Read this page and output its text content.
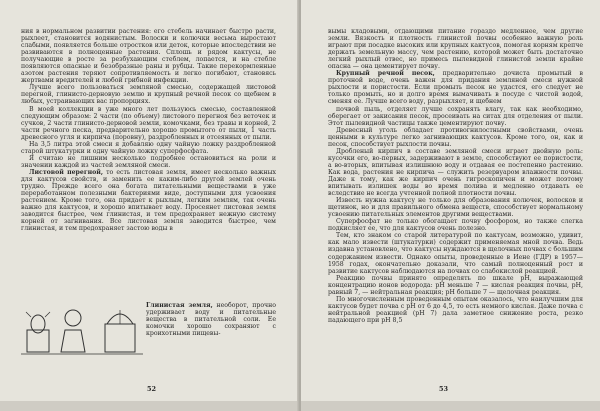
ния в нормальном развитии растения: его стебель начинает быстро расти, рыхлеет, становится водянистым. Волоски и колючки весьма выростают слабыми, появляется больше отростков или деток, которые впоследствии не развиваются в полноценные растения. Сплошь и рядом кактусы, не получающие в росте за резбухающим стеблем, лопается, и на стебле появляются опасные и безобразные раны и рубцы. Такие перекормленные азотом растения теряют сопротивляемость и легко погибают, становясь жертвами вредителей и любой грибной инфекции.

Лучше всего пользоваться земляной смесью, содержащей листовой перегной, глинисто-дерновую землю и крупный речной песок со щебнем в любых, устраивающих вас пропорциях.

В моей коллекции в уже много лет пользуюсь смесью, составленной следующим образом: 2 части (по объему) листового перегноя без веточек и сучков, 2 части глинисто-дерновой земли, комочками, без травы и корней, 2 части речного песка, предварительно хорошо промытого от пыли, 1 часть древесного угля и кирпича (поровну), раздробленных и отсеянных от пыли.

На 3,5 литра этой смеси я добавляю одну чайную ложку раздробленной старой штукатурки и одну чайную ложку суперфосфата.

Я считаю не лишним несколько подробнее остановиться на роли и значении каждой из частей земляной смеси.

Листовой перегной, то есть листовая земля, имеет несколько важных для кактусов свойств, и заменить ее каким-либо другой землей очень трудно. Прежде всего она богата питательными веществами в уже переработанном полезными бактериями виде, доступными для усвоения растением. Кроме того, она придает к рыхлым, легким землям, так очень важно для кактусов, и хорошо впитывает воду. Просеянет листовая земля заводится быстрее, чем глинистая, и тем предохраняет нежную систему корней от загнивания. Все листовая земля заводится быстрее, чем глинистая, и тем предохраняет застою воды в

Глинистая земля, необорот, прочно удерживает воду и питательные вещества в питательной соли. Ее комочки хорошо сохраняют с кроихотными пищевы-

52

вымы кладовыми, отдающими питание гораздо медленнее, чем другие земли. Вязкость и плотность глинистой почвы особенно важную роль играют при посадке высоких или крупных кактусов, помогая корням крепче держать земельную массу, чем растению, которой может быть достаточно легкий рыхлый отвес, но примесь пылевидной глинистой земли крайне опасна — она цементирует почву.

Крупный речной песок, предварительно дочиста промытый в проточной воде, очень важен для придания земляной смеси нужной рыхлости и пористости. Если промыть песок не удастся, его следует не только промыть, но и долго время вымачивать в посуде с чистой водой, сменяя ее. Лучше всего воду, разрыхляет, и щебнем

почвой пыль, отделяет лучше сохранять влагу, так как необходимо, оберегает от закисания песок, просеивать на ситах для отделения от пыли. Этот пылевидной частицы также цементируют почву.

Древесный уголь обладает противогнилостными свойствами, очень ценными в культуре легко загнивающих кактусов. Кроме того, он, как и песок, способствует рыхлости почвы.

Дробленый кирпич в составе земляной смеси играет двойную роль: кусочки его, во-первых, задерживают в земле, способствуют ее пористости, а во-вторых, впитывая излишнюю воду и отдавая ее постепенно растению. Как вода, растения не кирпича — служить резервуаром влажности почвы. Даже к тому, как же кирпич очень гигроскопичен и может поэтому впитывать излишек воды во время полива и медленно отдавать ее вследствие не всегда учтенной полной плотности почвы.

Известь нужна кактусу не только для образования колючек, волосков и щетинок, но и для правильного обмена веществ, способствует нормальному усвоению питательных элементов другими веществами.

Суперфосфат не только обогащает почву фосфором, но также слегка подкисляет ее, что для кактусов очень полезно.

Тем, кто знаком со старой литературой по кактусам, возможно, удивит, как мало извести (штукатурки) содержит применяемая мной почва. Ведь издавна установлено, что кактусы нуждаются в щелочных почвах с большим содержанием извести. Однако опыты, проведенные в Иене (ГДР) в 1957—1958 годах, окончательно доказали, что самый полноценный рост и развитие кактусов наблюдаются на почвах со слабокислой реакцией.

Реакцию почвы принято определять по шкале рН, выражающей концентрацию ионов водорода: рН меньше 7 — кислая реакция почвы, рН, равный 7, — нейтральная реакция; рН больше 7 — щелочная реакция.

По многочисленным проведенным опытам оказалось, что наилучшим для кактусов будет почва с рН от 6 до 4,5, то есть немного кислая. Даже почва с нейтральной реакцией (рН 7) дала заметное снижение роста, резко падающего при рН 8,5

53
